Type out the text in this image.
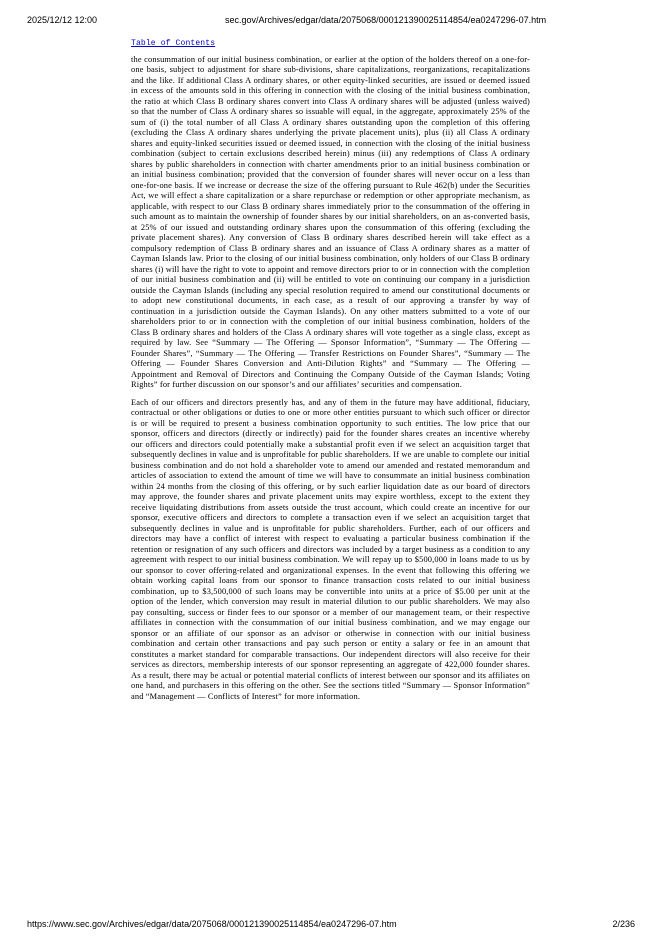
2025/12/12 12:00	sec.gov/Archives/edgar/data/2075068/000121390025114854/ea0247296-07.htm
Table of Contents

the consummation of our initial business combination, or earlier at the option of the holders thereof on a one-for-one basis, subject to adjustment for share sub-divisions, share capitalizations, reorganizations, recapitalizations and the like. If additional Class A ordinary shares, or other equity-linked securities, are issued or deemed issued in excess of the amounts sold in this offering in connection with the closing of the initial business combination, the ratio at which Class B ordinary shares convert into Class A ordinary shares will be adjusted (unless waived) so that the number of Class A ordinary shares so issuable will equal, in the aggregate, approximately 25% of the sum of (i) the total number of all Class A ordinary shares outstanding upon the completion of this offering (excluding the Class A ordinary shares underlying the private placement units), plus (ii) all Class A ordinary shares and equity-linked securities issued or deemed issued, in connection with the closing of the initial business combination (subject to certain exclusions described herein) minus (iii) any redemptions of Class A ordinary shares by public shareholders in connection with charter amendments prior to an initial business combination or an initial business combination; provided that the conversion of founder shares will never occur on a less than one-for-one basis. If we increase or decrease the size of the offering pursuant to Rule 462(b) under the Securities Act, we will effect a share capitalization or a share repurchase or redemption or other appropriate mechanism, as applicable, with respect to our Class B ordinary shares immediately prior to the consummation of the offering in such amount as to maintain the ownership of founder shares by our initial shareholders, on an as-converted basis, at 25% of our issued and outstanding ordinary shares upon the consummation of this offering (excluding the private placement shares). Any conversion of Class B ordinary shares described herein will take effect as a compulsory redemption of Class B ordinary shares and an issuance of Class A ordinary shares as a matter of Cayman Islands law. Prior to the closing of our initial business combination, only holders of our Class B ordinary shares (i) will have the right to vote to appoint and remove directors prior to or in connection with the completion of our initial business combination and (ii) will be entitled to vote on continuing our company in a jurisdiction outside the Cayman Islands (including any special resolution required to amend our constitutional documents or to adopt new constitutional documents, in each case, as a result of our approving a transfer by way of continuation in a jurisdiction outside the Cayman Islands). On any other matters submitted to a vote of our shareholders prior to or in connection with the completion of our initial business combination, holders of the Class B ordinary shares and holders of the Class A ordinary shares will vote together as a single class, except as required by law. See “Summary — The Offering — Sponsor Information”, “Summary — The Offering — Founder Shares”, “Summary — The Offering — Transfer Restrictions on Founder Shares”, “Summary — The Offering — Founder Shares Conversion and Anti-Dilution Rights” and “Summary — The Offering — Appointment and Removal of Directors and Continuing the Company Outside of the Cayman Islands; Voting Rights” for further discussion on our sponsor’s and our affiliates’ securities and compensation.

Each of our officers and directors presently has, and any of them in the future may have additional, fiduciary, contractual or other obligations or duties to one or more other entities pursuant to which such officer or director is or will be required to present a business combination opportunity to such entities. The low price that our sponsor, officers and directors (directly or indirectly) paid for the founder shares creates an incentive whereby our officers and directors could potentially make a substantial profit even if we select an acquisition target that subsequently declines in value and is unprofitable for public shareholders. If we are unable to complete our initial business combination and do not hold a shareholder vote to amend our amended and restated memorandum and articles of association to extend the amount of time we will have to consummate an initial business combination within 24 months from the closing of this offering, or by such earlier liquidation date as our board of directors may approve, the founder shares and private placement units may expire worthless, except to the extent they receive liquidating distributions from assets outside the trust account, which could create an incentive for our sponsor, executive officers and directors to complete a transaction even if we select an acquisition target that subsequently declines in value and is unprofitable for public shareholders. Further, each of our officers and directors may have a conflict of interest with respect to evaluating a particular business combination if the retention or resignation of any such officers and directors was included by a target business as a condition to any agreement with respect to our initial business combination. We will repay up to $500,000 in loans made to us by our sponsor to cover offering-related and organizational expenses. In the event that following this offering we obtain working capital loans from our sponsor to finance transaction costs related to our initial business combination, up to $3,500,000 of such loans may be convertible into units at a price of $5.00 per unit at the option of the lender, which conversion may result in material dilution to our public shareholders. We may also pay consulting, success or finder fees to our sponsor or a member of our management team, or their respective affiliates in connection with the consummation of our initial business combination, and we may engage our sponsor or an affiliate of our sponsor as an advisor or otherwise in connection with our initial business combination and certain other transactions and pay such person or entity a salary or fee in an amount that constitutes a market standard for comparable transactions. Our independent directors will also receive for their services as directors, membership interests of our sponsor representing an aggregate of 422,000 founder shares. As a result, there may be actual or potential material conflicts of interest between our sponsor and its affiliates on one hand, and purchasers in this offering on the other. See the sections titled “Summary — Sponsor Information” and “Management — Conflicts of Interest” for more information.

https://www.sec.gov/Archives/edgar/data/2075068/000121390025114854/ea0247296-07.htm	2/236
